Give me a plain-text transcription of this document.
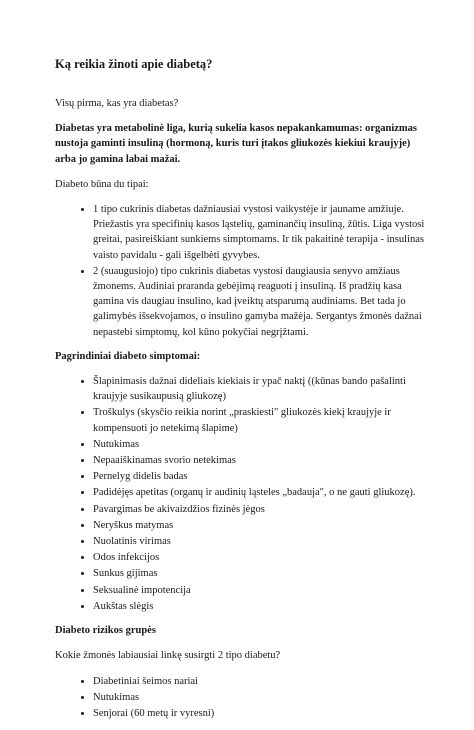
Ką reikia žinoti apie diabetą?

Visų pirma, kas yra diabetas?

Diabetas yra metabolinė liga, kurią sukelia kasos nepakankamumas: organizmas nustoja gaminti insuliną (hormoną, kuris turi įtakos gliukozės kiekiui kraujyje) arba jo gamina labai mažai.

Diabeto būna du tipai:

• 1 tipo cukrinis diabetas dažniausiai vystosi vaikystėje ir jauname amžiuje. Priežastis yra specifinių kasos ląstelių, gaminančių insuliną, žūtis. Liga vystosi greitai, pasireiškiant sunkiems simptomams. Ir tik pakaitinė terapija - insulinas vaisto pavidalu - gali išgelbėti gyvybes.
• 2 (suaugusiojo) tipo cukrinis diabetas vystosi daugiausia senyvo amžiaus žmonems. Audiniai praranda gebėjimą reaguoti į insuliną. Iš pradžių kasa gamina vis daugiau insulino, kad įveiktų atsparumą audiniams. Bet tada jo galimybės išsekvojamos, o insulino gamyba mažėja. Sergantys žmonės dažnai nepastebi simptomų, kol kūno pokyčiai negrįžtami.

Pagrindiniai diabeto simptomai:

• Šlapinimasis dažnai dideliais kiekiais ir ypač naktį ((kūnas bando pašalinti kraujyje susikaupusią gliukozę)
• Troškulys (skysčio reikia norint „praskiesti" gliukozės kiekį kraujyje ir kompensuoti jo netekimą šlapime)
• Nutukimas
• Nepaaiškinamas svorio netekimas
• Pernelyg didelis badas
• Padidėjęs apetitas (organų ir audinių ląsteles „badauja", o ne gauti gliukozę).
• Pavargimas be akivaizdžios fizinės jėgos
• Neryškus matymas
• Nuolatinis virimas
• Odos infekcijos
• Sunkus gijimas
• Seksualinė impotencija
• Aukštas slėgis

Diabeto rizikos grupės

Kokie žmonės labiausiai linkę susirgti 2 tipo diabetu?

• Diabetiniai šeimos nariai
• Nutukimas
• Senjorai (60 metų ir vyresni)
